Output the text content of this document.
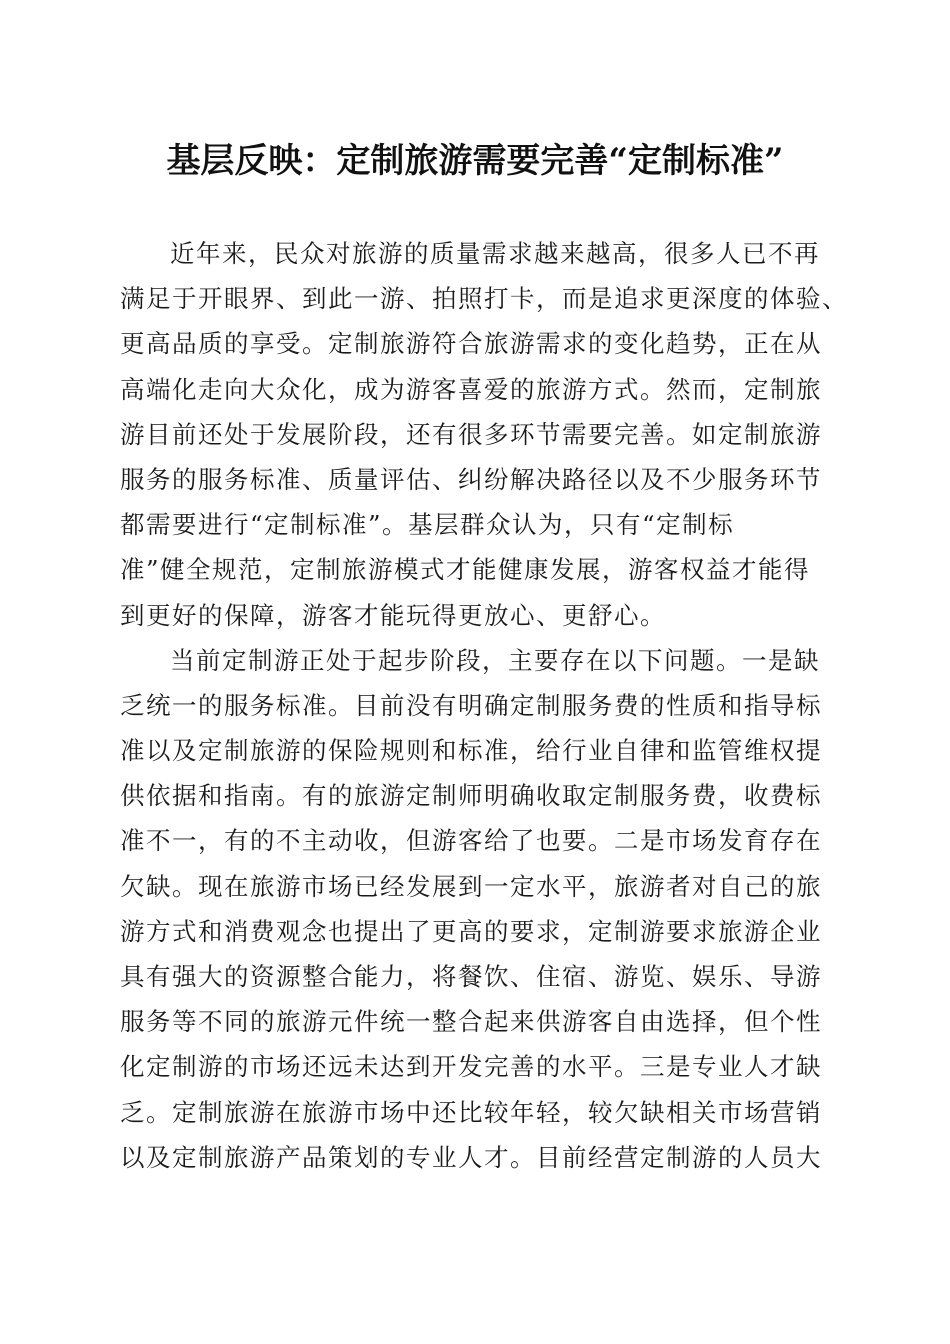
基层反映：定制旅游需要完善“定制标准”
近年来，民众对旅游的质量需求越来越高，很多人已不再
满足于开眼界、到此一游、拍照打卡，而是追求更深度的体验、
更高品质的享受。定制旅游符合旅游需求的变化趋势，正在从
高端化走向大众化，成为游客喜爱的旅游方式。然而，定制旅
游目前还处于发展阶段，还有很多环节需要完善。如定制旅游
服务的服务标准、质量评估、纠纷解决路径以及不少服务环节
都需要进行“定制标准”。基层群众认为，只有“定制标
准”健全规范，定制旅游模式才能健康发展，游客权益才能得
到更好的保障，游客才能玩得更放心、更舒心。
当前定制游正处于起步阶段，主要存在以下问题。一是缺
乏统一的服务标准。目前没有明确定制服务费的性质和指导标
准以及定制旅游的保险规则和标准，给行业自律和监管维权提
供依据和指南。有的旅游定制师明确收取定制服务费，收费标
准不一，有的不主动收，但游客给了也要。二是市场发育存在
欠缺。现在旅游市场已经发展到一定水平，旅游者对自己的旅
游方式和消费观念也提出了更高的要求，定制游要求旅游企业
具有强大的资源整合能力，将餐饮、住宿、游览、娱乐、导游
服务等不同的旅游元件统一整合起来供游客自由选择，但个性
化定制游的市场还远未达到开发完善的水平。三是专业人才缺
乏。定制旅游在旅游市场中还比较年轻，较欠缺相关市场营销
以及定制旅游产品策划的专业人才。目前经营定制游的人员大
